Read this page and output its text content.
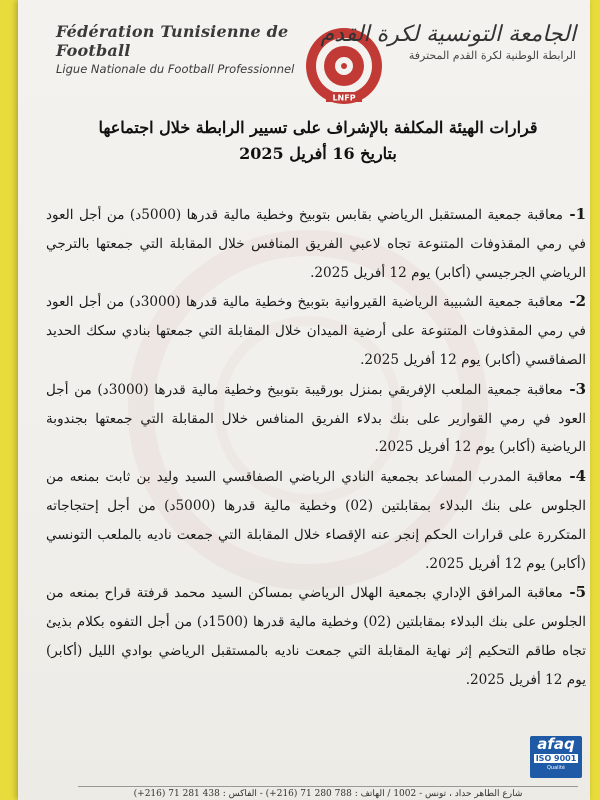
Fédération Tunisienne de Football
Ligue Nationale du Football Professionnel
LNFP
الجامعة التونسية لكرة القدم
الرابطة الوطنية لكرة القدم المحترفة
قرارات الهيئة المكلفة بالإشراف على تسيير الرابطة خلال اجتماعها
بتاريخ 16 أفريل 2025

1- معاقبة جمعية المستقبل الرياضي بقابس بتوبيخ وخطية مالية قدرها (5000د) من أجل العود في رمي المقذوفات المتنوعة تجاه لاعبي الفريق المنافس خلال المقابلة التي جمعتها بالترجي الرياضي الجرجيسي (أكابر) يوم 12 أفريل 2025.

2- معاقبة جمعية الشبيبة الرياضية القيروانية بتوبيخ وخطية مالية قدرها (3000د) من أجل العود في رمي المقذوفات المتنوعة على أرضية الميدان خلال المقابلة التي جمعتها بنادي سكك الحديد الصفاقسي (أكابر) يوم 12 أفريل 2025.

3- معاقبة جمعية الملعب الإفريقي بمنزل بورقيبة بتوبيخ وخطية مالية قدرها (3000د) من أجل العود في رمي القوارير على بنك بدلاء الفريق المنافس خلال المقابلة التي جمعتها بجندوبة الرياضية (أكابر) يوم 12 أفريل 2025.

4- معاقبة المدرب المساعد بجمعية النادي الرياضي الصفاقسي السيد وليد بن ثابت بمنعه من الجلوس على بنك البدلاء بمقابلتين (02) وخطية مالية قدرها (5000د) من أجل إحتجاجاته المتكررة على قرارات الحكم إنجر عنه الإقصاء خلال المقابلة التي جمعت ناديه بالملعب التونسي (أكابر) يوم 12 أفريل 2025.

5- معاقبة المرافق الإداري بجمعية الهلال الرياضي بمساكن السيد محمد قرفتة قراح بمنعه من الجلوس على بنك البدلاء بمقابلتين (02) وخطية مالية قدرها (1500د) من أجل التفوه بكلام بذيئ تجاه طاقم التحكيم إثر نهاية المقابلة التي جمعت ناديه بالمستقبل الرياضي بوادي الليل (أكابر) يوم 12 أفريل 2025.

afaq
ISO 9001
Qualité
شارع الطاهر حداد ، تونس - 1002 / الهاتف : 788 280 71 (216+) - الفاكس : 438 281 71 (216+)
